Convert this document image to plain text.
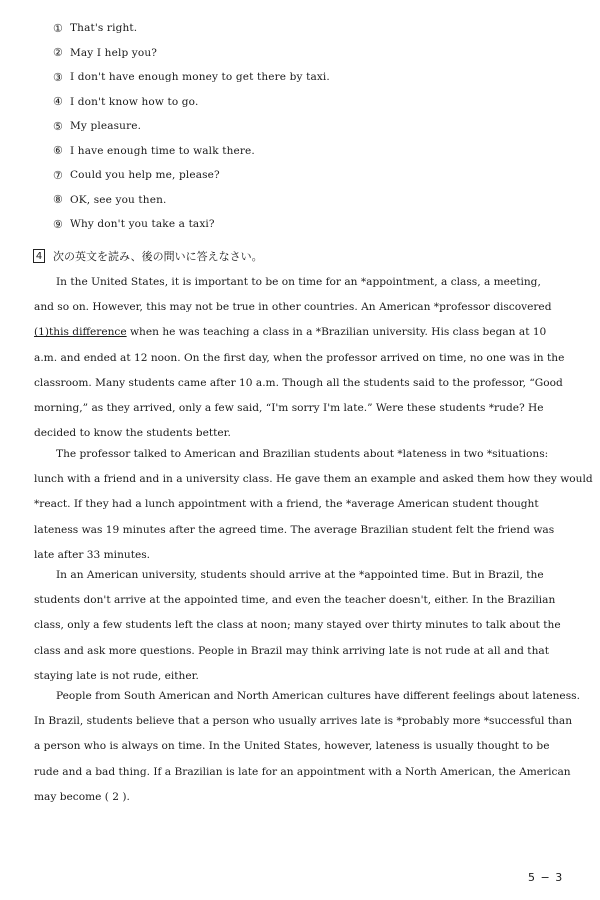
① That's right.
② May I help you?
③ I don't have enough money to get there by taxi.
④ I don't know how to go.
⑤ My pleasure.
⑥ I have enough time to walk there.
⑦ Could you help me, please?
⑧ OK, see you then.
⑨ Why don't you take a taxi?
4 次の英文を読み、後の問いに答えなさい。
In the United States, it is important to be on time for an *appointment, a class, a meeting,
and so on. However, this may not be true in other countries. An American *professor discovered
(1)this difference when he was teaching a class in a *Brazilian university. His class began at 10
a.m. and ended at 12 noon. On the first day, when the professor arrived on time, no one was in the
classroom. Many students came after 10 a.m. Though all the students said to the professor, “Good
morning,” as they arrived, only a few said, “I'm sorry I'm late.” Were these students *rude? He
decided to know the students better.
The professor talked to American and Brazilian students about *lateness in two *situations:
lunch with a friend and in a university class. He gave them an example and asked them how they would
*react. If they had a lunch appointment with a friend, the *average American student thought
lateness was 19 minutes after the agreed time. The average Brazilian student felt the friend was
late after 33 minutes.
In an American university, students should arrive at the *appointed time. But in Brazil, the
students don't arrive at the appointed time, and even the teacher doesn't, either. In the Brazilian
class, only a few students left the class at noon; many stayed over thirty minutes to talk about the
class and ask more questions. People in Brazil may think arriving late is not rude at all and that
staying late is not rude, either.
People from South American and North American cultures have different feelings about lateness.
In Brazil, students believe that a person who usually arrives late is *probably more *successful than
a person who is always on time. In the United States, however, lateness is usually thought to be
rude and a bad thing. If a Brazilian is late for an appointment with a North American, the American
may become ( 2 ).
5 − 3
